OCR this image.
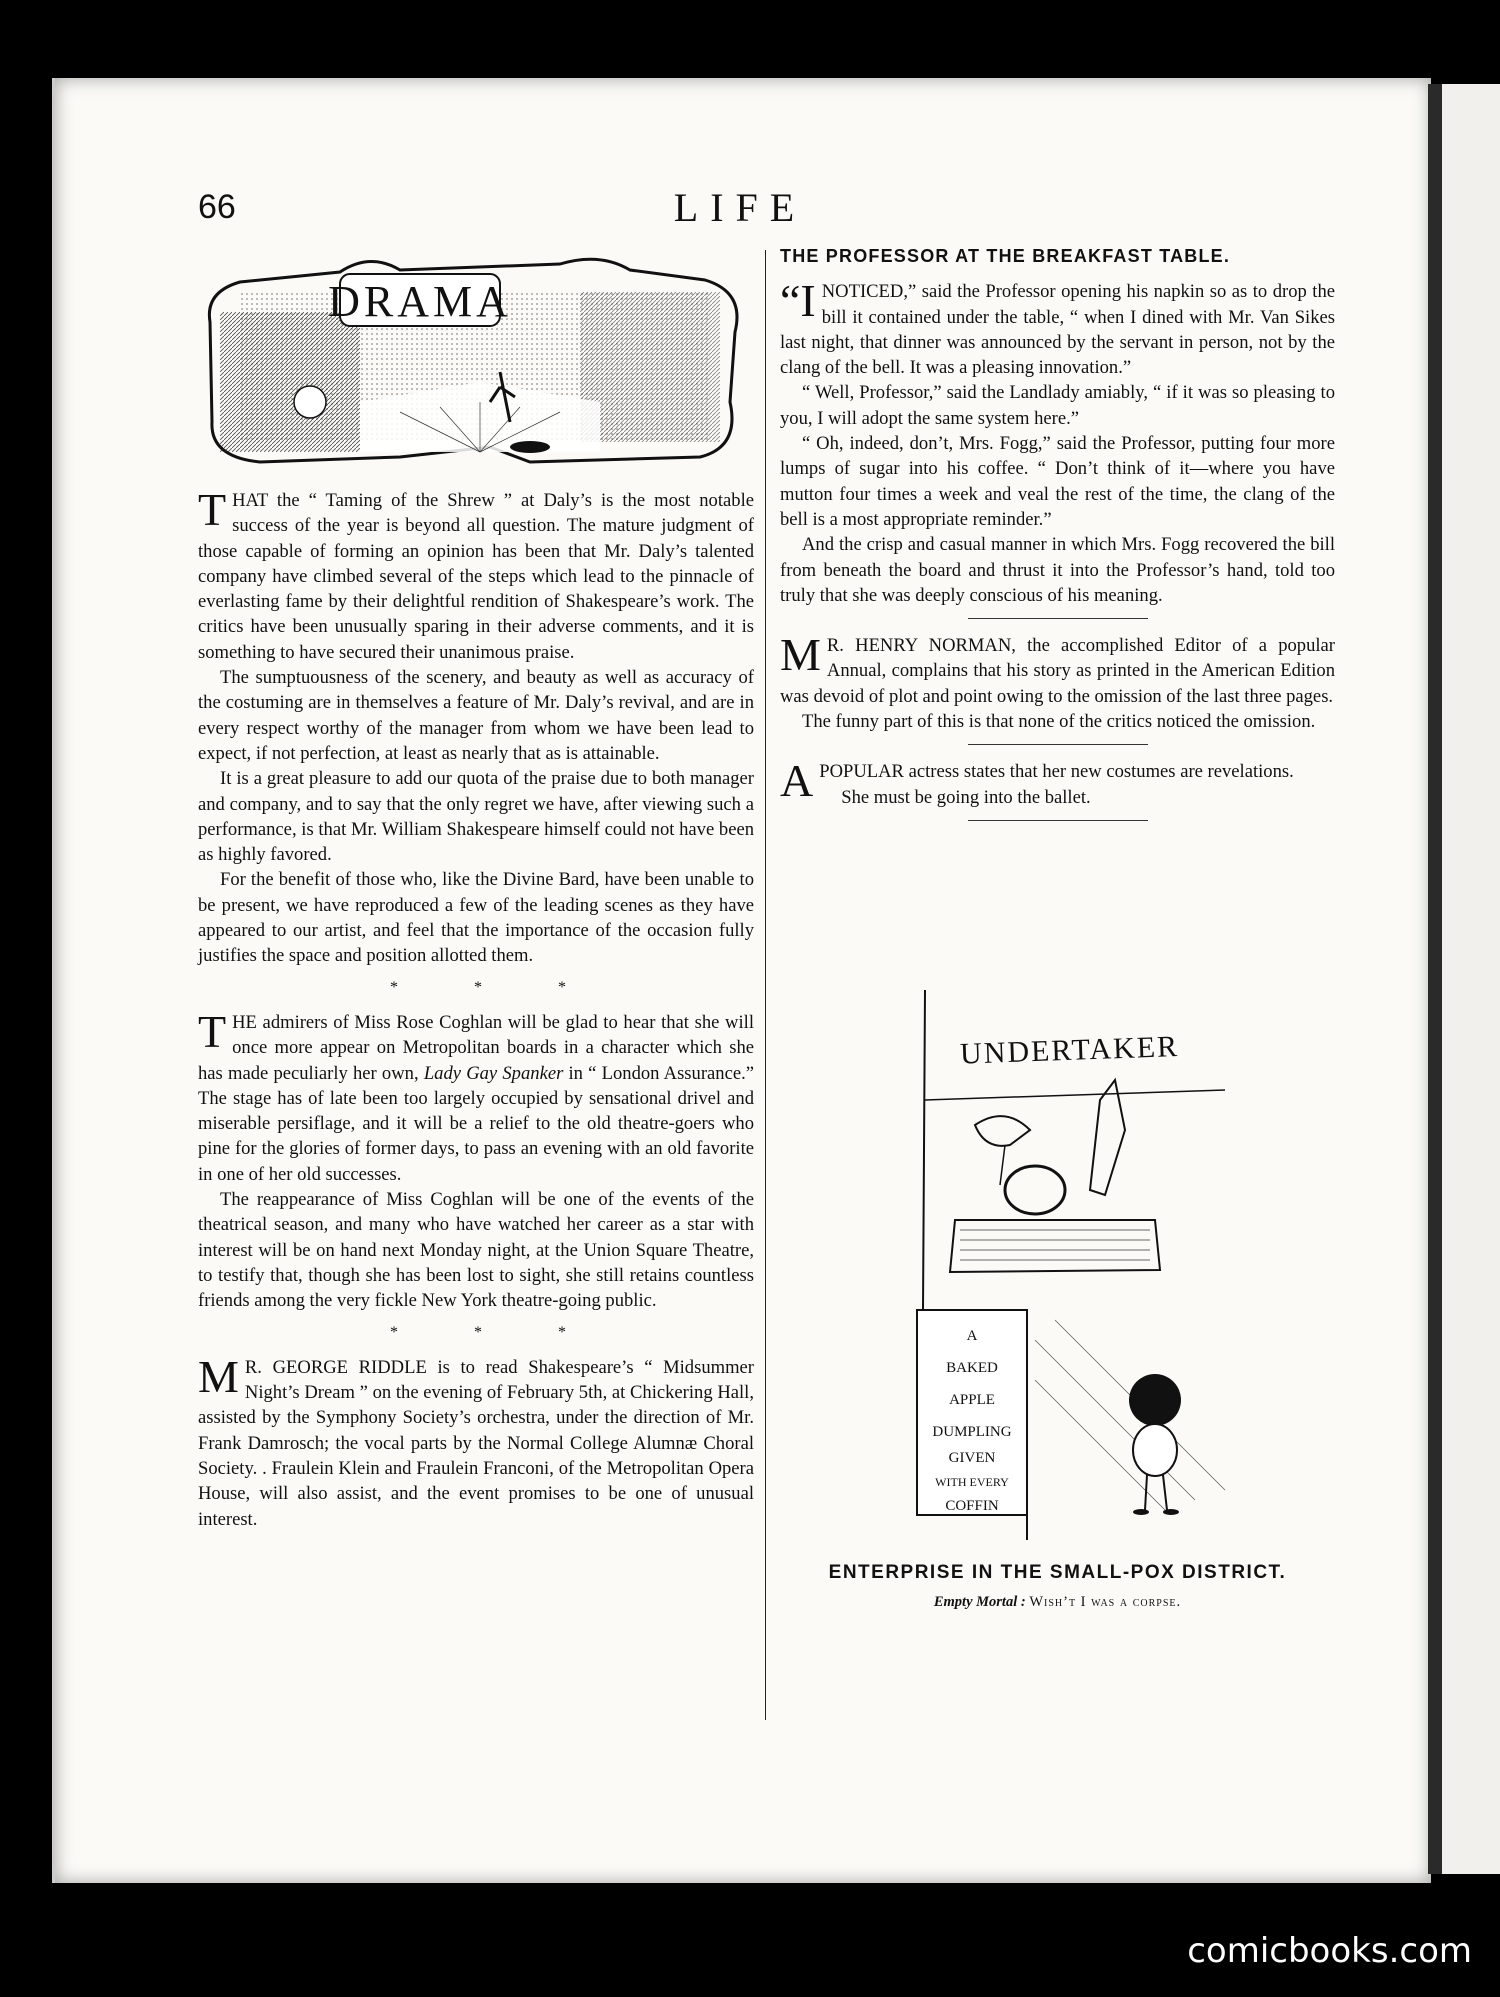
66	LIFE
DRAMA

THAT the “ Taming of the Shrew ” at Daly’s is the most notable success of the year is beyond all question. The mature judgment of those capable of forming an opinion has been that Mr. Daly’s talented company have climbed several of the steps which lead to the pinnacle of everlasting fame by their delightful rendition of Shakespeare’s work. The critics have been unusually sparing in their adverse comments, and it is something to have secured their unanimous praise.

The sumptuousness of the scenery, and beauty as well as accuracy of the costuming are in themselves a feature of Mr. Daly’s revival, and are in every respect worthy of the manager from whom we have been lead to expect, if not perfection, at least as nearly that as is attainable.

It is a great pleasure to add our quota of the praise due to both manager and company, and to say that the only regret we have, after viewing such a performance, is that Mr. William Shakespeare himself could not have been as highly favored.

For the benefit of those who, like the Divine Bard, have been unable to be present, we have reproduced a few of the leading scenes as they have appeared to our artist, and feel that the importance of the occasion fully justifies the space and position allotted them.

* * *

THE admirers of Miss Rose Coghlan will be glad to hear that she will once more appear on Metropolitan boards in a character which she has made peculiarly her own, Lady Gay Spanker in “ London Assurance.” The stage has of late been too largely occupied by sensational drivel and miserable persiflage, and it will be a relief to the old theatre-goers who pine for the glories of former days, to pass an evening with an old favorite in one of her old successes.

The reappearance of Miss Coghlan will be one of the events of the theatrical season, and many who have watched her career as a star with interest will be on hand next Monday night, at the Union Square Theatre, to testify that, though she has been lost to sight, she still retains countless friends among the very fickle New York theatre-going public.

* * *

M R. GEORGE RIDDLE is to read Shakespeare’s “ Midsummer Night’s Dream ” on the evening of February 5th, at Chickering Hall, assisted by the Symphony Society’s orchestra, under the direction of Mr. Frank Damrosch; the vocal parts by the Normal College Alumnæ Choral Society. . Fraulein Klein and Fraulein Franconi, of the Metropolitan Opera House, will also assist, and the event promises to be one of unusual interest.

THE PROFESSOR AT THE BREAKFAST TABLE.

“I NOTICED,” said the Professor opening his napkin so as to drop the bill it contained under the table, “ when I dined with Mr. Van Sikes last night, that dinner was announced by the servant in person, not by the clang of the bell. It was a pleasing innovation.”

“ Well, Professor,” said the Landlady amiably, “ if it was so pleasing to you, I will adopt the same system here.”

“ Oh, indeed, don’t, Mrs. Fogg,” said the Professor, putting four more lumps of sugar into his coffee. “ Don’t think of it—where you have mutton four times a week and veal the rest of the time, the clang of the bell is a most appropriate reminder.”

And the crisp and casual manner in which Mrs. Fogg recovered the bill from beneath the board and thrust it into the Professor’s hand, told too truly that she was deeply conscious of his meaning.

M R. HENRY NORMAN, the accomplished Editor of a popular Annual, complains that his story as printed in the American Edition was devoid of plot and point owing to the omission of the last three pages.

The funny part of this is that none of the critics noticed the omission.

A POPULAR actress states that her new costumes are revelations.

She must be going into the ballet.

UNDERTAKER
A
BAKED
APPLE
DUMPLING
GIVEN
WITH EVERY
COFFIN
ENTERPRISE IN THE SMALL-POX DISTRICT.
Empty Mortal : Wish’t I was a corpse.
comicbooks.com
